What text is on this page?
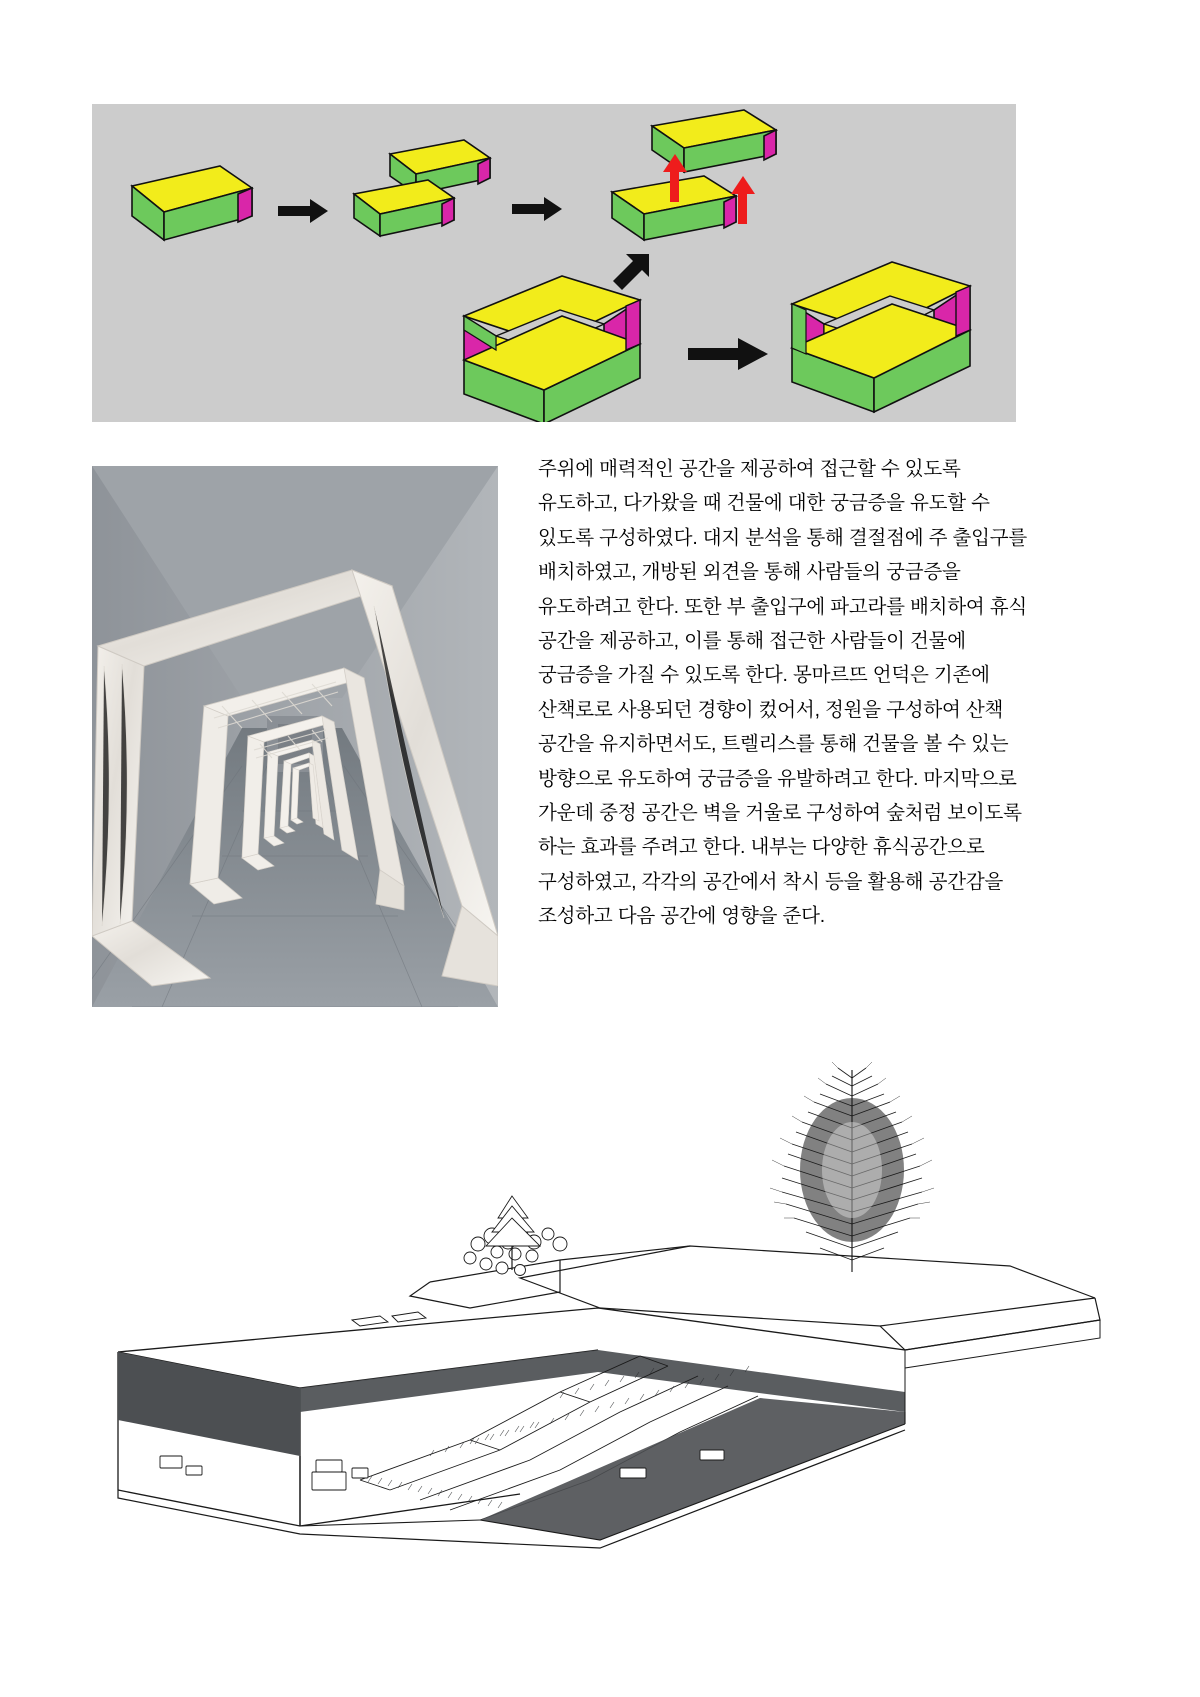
주위에 매력적인 공간을 제공하여 접근할 수 있도록 유도하고, 다가왔을 때 건물에 대한 궁금증을 유도할 수 있도록 구성하였다. 대지 분석을 통해 결절점에 주 출입구를 배치하였고, 개방된 외견을 통해 사람들의 궁금증을 유도하려고 한다. 또한 부 출입구에 파고라를 배치하여 휴식 공간을 제공하고, 이를 통해 접근한 사람들이 건물에 궁금증을 가질 수 있도록 한다. 몽마르뜨 언덕은 기존에 산책로로 사용되던 경향이 컸어서, 정원을 구성하여 산책 공간을 유지하면서도, 트렐리스를 통해 건물을 볼 수 있는 방향으로 유도하여 궁금증을 유발하려고 한다. 마지막으로 가운데 중정 공간은 벽을 거울로 구성하여 숲처럼 보이도록 하는 효과를 주려고 한다. 내부는 다양한 휴식공간으로 구성하였고, 각각의 공간에서 착시 등을 활용해 공간감을 조성하고 다음 공간에 영향을 준다.
